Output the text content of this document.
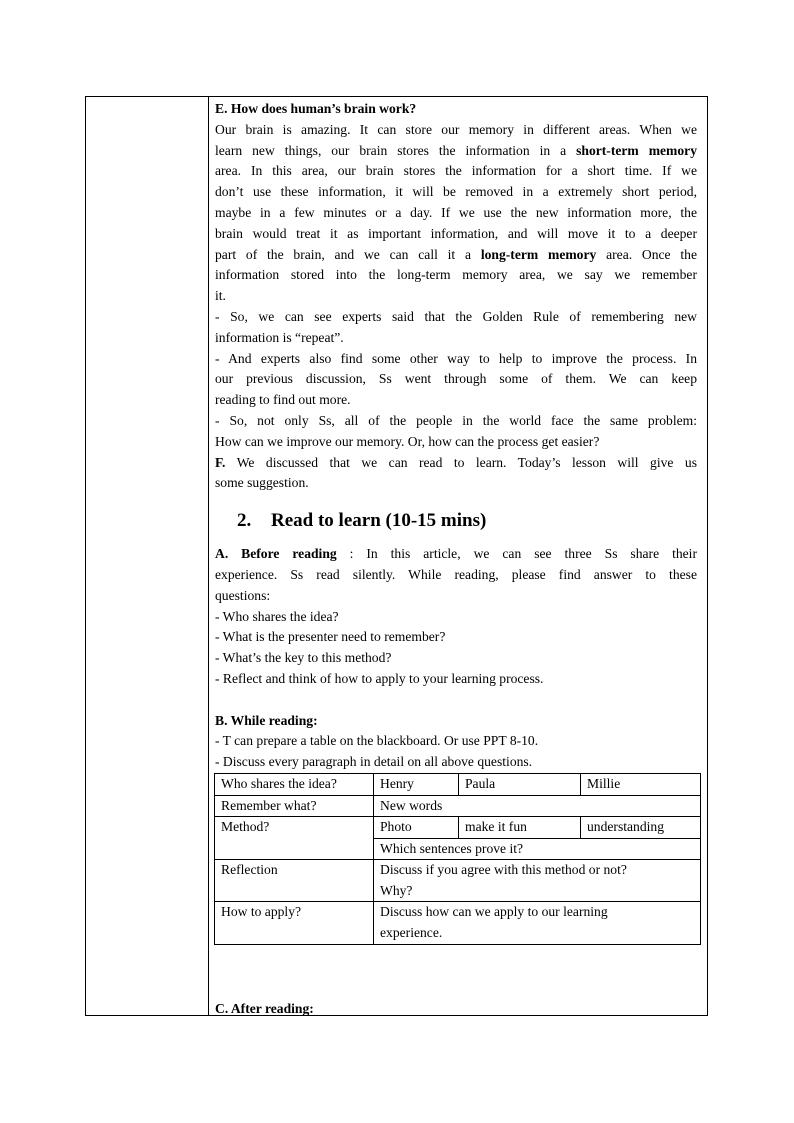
E. How does human’s brain work?
Our brain is amazing. It can store our memory in different areas. When we
learn new things, our brain stores the information in a short-term memory
area. In this area, our brain stores the information for a short time. If we
don’t use these information, it will be removed in a extremely short period,
maybe in a few minutes or a day. If we use the new information more, the
brain would treat it as important information, and will move it to a deeper
part of the brain, and we can call it a long-term memory area. Once the
information stored into the long-term memory area, we say we remember
it.
- So, we can see experts said that the Golden Rule of remembering new
information is “repeat”.
- And experts also find some other way to help to improve the process. In
our previous discussion, Ss went through some of them. We can keep
reading to find out more.
- So, not only Ss, all of the people in the world face the same problem:
How can we improve our memory. Or, how can the process get easier?
F. We discussed that we can read to learn. Today’s lesson will give us
some suggestion.
2. Read to learn (10-15 mins)
A. Before reading : In this article, we can see three Ss share their
experience. Ss read silently. While reading, please find answer to these
questions:
- Who shares the idea?
- What is the presenter need to remember?
- What’s the key to this method?
- Reflect and think of how to apply to your learning process.
B. While reading:
- T can prepare a table on the blackboard. Or use PPT 8-10.
- Discuss every paragraph in detail on all above questions.
Who shares the idea?	Henry	Paula	Millie
Remember what?	New words		
Method?	Photo	make it fun	understanding
	Which sentences prove it?		
Reflection	Discuss if you agree with this method or not?
Why?		

How to apply?	Discuss how can we apply to our learning
experience.		
C. After reading:
